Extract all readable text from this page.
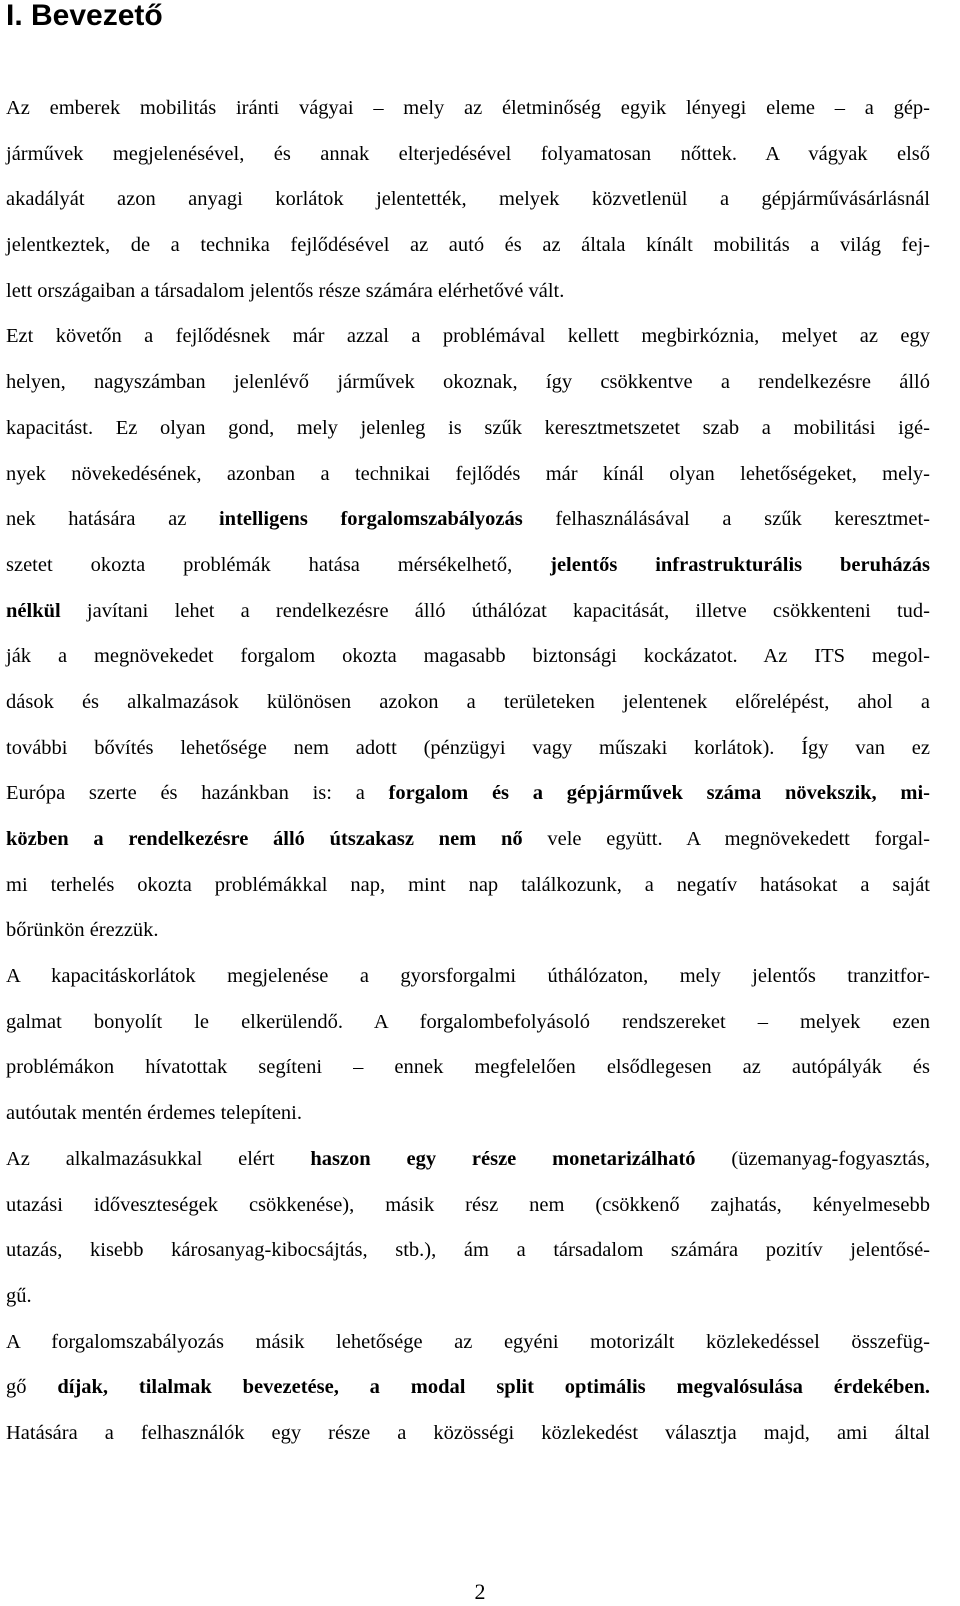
I. Bevezető
Az emberek mobilitás iránti vágyai – mely az életminőség egyik lényegi eleme – a gép-
járművek megjelenésével, és annak elterjedésével folyamatosan nőttek. A vágyak első
akadályát azon anyagi korlátok jelentették, melyek közvetlenül a gépjárművásárlásnál
jelentkeztek, de a technika fejlődésével az autó és az általa kínált mobilitás a világ fej-
lett országaiban a társadalom jelentős része számára elérhetővé vált.
Ezt követőn a fejlődésnek már azzal a problémával kellett megbirkóznia, melyet az egy
helyen, nagyszámban jelenlévő járművek okoznak, így csökkentve a rendelkezésre álló
kapacitást. Ez olyan gond, mely jelenleg is szűk keresztmetszetet szab a mobilitási igé-
nyek növekedésének, azonban a technikai fejlődés már kínál olyan lehetőségeket, mely-
nek hatására az intelligens forgalomszabályozás felhasználásával a szűk keresztmet-
szetet okozta problémák hatása mérsékelhető, jelentős infrastrukturális beruházás
nélkül javítani lehet a rendelkezésre álló úthálózat kapacitását, illetve csökkenteni tud-
ják a megnövekedet forgalom okozta magasabb biztonsági kockázatot. Az ITS megol-
dások és alkalmazások különösen azokon a területeken jelentenek előrelépést, ahol a
további bővítés lehetősége nem adott (pénzügyi vagy műszaki korlátok). Így van ez
Európa szerte és hazánkban is: a forgalom és a gépjárművek száma növekszik, mi-
közben a rendelkezésre álló útszakasz nem nő vele együtt. A megnövekedett forgal-
mi terhelés okozta problémákkal nap, mint nap találkozunk, a negatív hatásokat a saját
bőrünkön érezzük.
A kapacitáskorlátok megjelenése a gyorsforgalmi úthálózaton, mely jelentős tranzitfor-
galmat bonyolít le elkerülendő. A forgalombefolyásoló rendszereket – melyek ezen
problémákon hívatottak segíteni – ennek megfelelően elsődlegesen az autópályák és
autóutak mentén érdemes telepíteni.
Az alkalmazásukkal elért haszon egy része monetarizálható (üzemanyag-fogyasztás,
utazási időveszteségek csökkenése), másik rész nem (csökkenő zajhatás, kényelmesebb
utazás, kisebb károsanyag-kibocsájtás, stb.), ám a társadalom számára pozitív jelentősé-
gű.
A forgalomszabályozás másik lehetősége az egyéni motorizált közlekedéssel összefüg-
gő díjak, tilalmak bevezetése, a modal split optimális megvalósulása érdekében.
Hatására a felhasználók egy része a közösségi közlekedést választja majd, ami által
2
